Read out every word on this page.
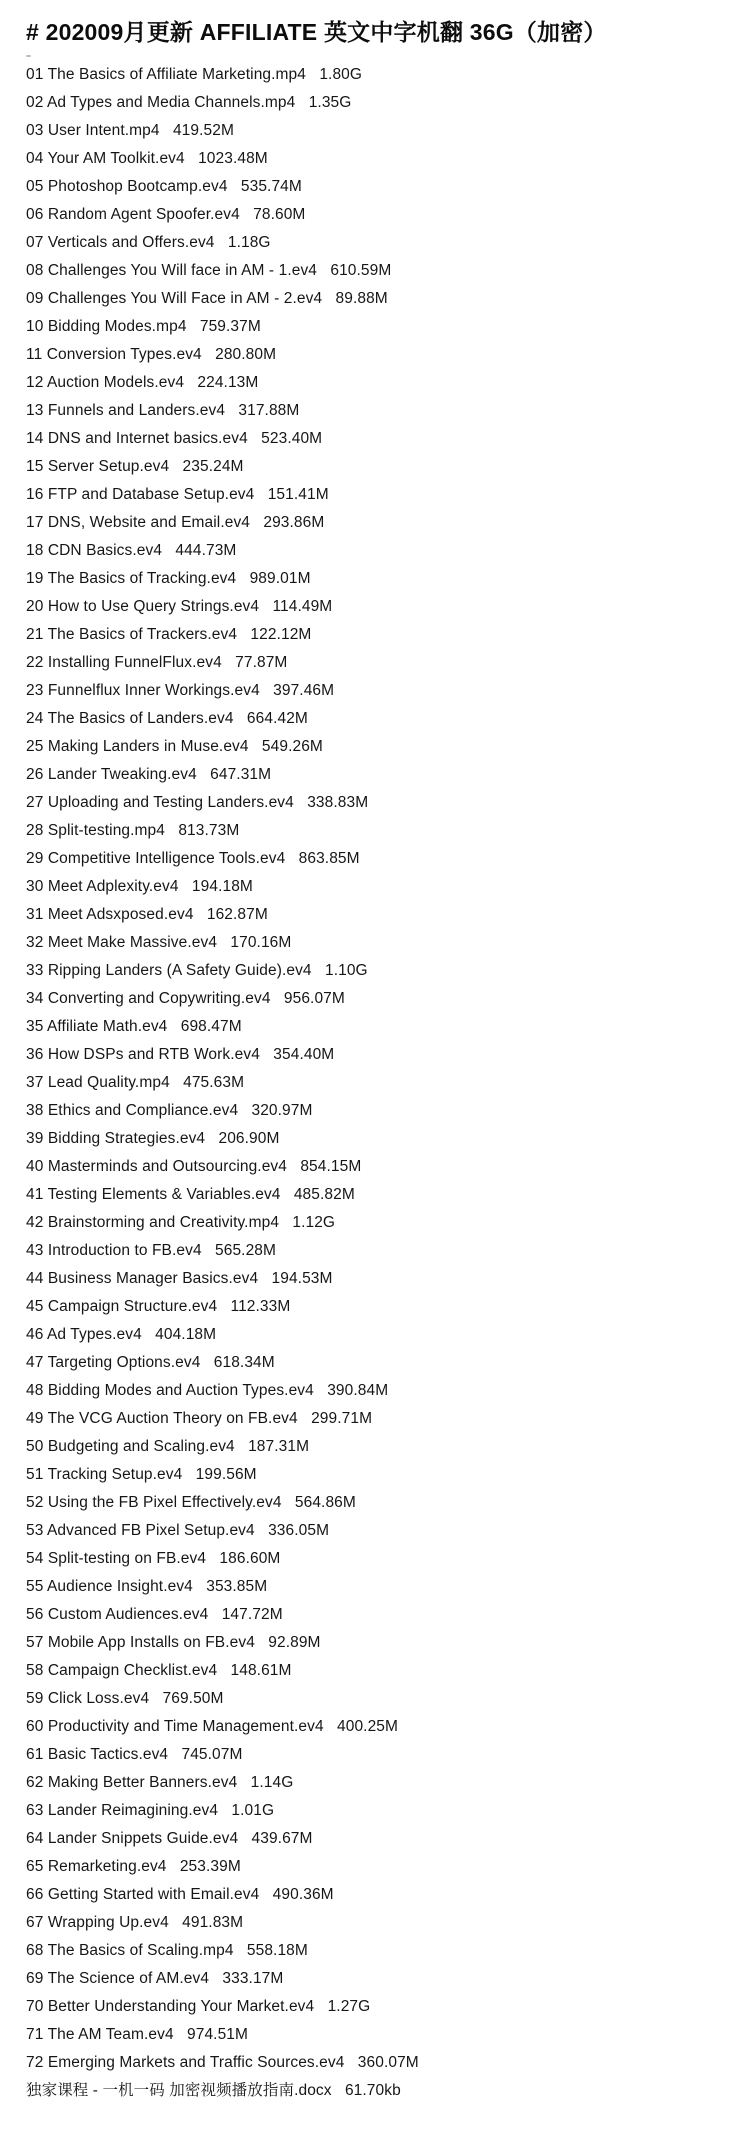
# 202009月更新 AFFILIATE 英文中字机翻 36G（加密）
01 The Basics of Affiliate Marketing.mp4 1.80G
02 Ad Types and Media Channels.mp4 1.35G
03 User Intent.mp4 419.52M
04 Your AM Toolkit.ev4 1023.48M
05 Photoshop Bootcamp.ev4 535.74M
06 Random Agent Spoofer.ev4 78.60M
07 Verticals and Offers.ev4 1.18G
08 Challenges You Will face in AM - 1.ev4 610.59M
09 Challenges You Will Face in AM - 2.ev4 89.88M
10 Bidding Modes.mp4 759.37M
11 Conversion Types.ev4 280.80M
12 Auction Models.ev4 224.13M
13 Funnels and Landers.ev4 317.88M
14 DNS and Internet basics.ev4 523.40M
15 Server Setup.ev4 235.24M
16 FTP and Database Setup.ev4 151.41M
17 DNS, Website and Email.ev4 293.86M
18 CDN Basics.ev4 444.73M
19 The Basics of Tracking.ev4 989.01M
20 How to Use Query Strings.ev4 114.49M
21 The Basics of Trackers.ev4 122.12M
22 Installing FunnelFlux.ev4 77.87M
23 Funnelflux Inner Workings.ev4 397.46M
24 The Basics of Landers.ev4 664.42M
25 Making Landers in Muse.ev4 549.26M
26 Lander Tweaking.ev4 647.31M
27 Uploading and Testing Landers.ev4 338.83M
28 Split-testing.mp4 813.73M
29 Competitive Intelligence Tools.ev4 863.85M
30 Meet Adplexity.ev4 194.18M
31 Meet Adsxposed.ev4 162.87M
32 Meet Make Massive.ev4 170.16M
33 Ripping Landers (A Safety Guide).ev4 1.10G
34 Converting and Copywriting.ev4 956.07M
35 Affiliate Math.ev4 698.47M
36 How DSPs and RTB Work.ev4 354.40M
37 Lead Quality.mp4 475.63M
38 Ethics and Compliance.ev4 320.97M
39 Bidding Strategies.ev4 206.90M
40 Masterminds and Outsourcing.ev4 854.15M
41 Testing Elements & Variables.ev4 485.82M
42 Brainstorming and Creativity.mp4 1.12G
43 Introduction to FB.ev4 565.28M
44 Business Manager Basics.ev4 194.53M
45 Campaign Structure.ev4 112.33M
46 Ad Types.ev4 404.18M
47 Targeting Options.ev4 618.34M
48 Bidding Modes and Auction Types.ev4 390.84M
49 The VCG Auction Theory on FB.ev4 299.71M
50 Budgeting and Scaling.ev4 187.31M
51 Tracking Setup.ev4 199.56M
52 Using the FB Pixel Effectively.ev4 564.86M
53 Advanced FB Pixel Setup.ev4 336.05M
54 Split-testing on FB.ev4 186.60M
55 Audience Insight.ev4 353.85M
56 Custom Audiences.ev4 147.72M
57 Mobile App Installs on FB.ev4 92.89M
58 Campaign Checklist.ev4 148.61M
59 Click Loss.ev4 769.50M
60 Productivity and Time Management.ev4 400.25M
61 Basic Tactics.ev4 745.07M
62 Making Better Banners.ev4 1.14G
63 Lander Reimagining.ev4 1.01G
64 Lander Snippets Guide.ev4 439.67M
65 Remarketing.ev4 253.39M
66 Getting Started with Email.ev4 490.36M
67 Wrapping Up.ev4 491.83M
68 The Basics of Scaling.mp4 558.18M
69 The Science of AM.ev4 333.17M
70 Better Understanding Your Market.ev4 1.27G
71 The AM Team.ev4 974.51M
72 Emerging Markets and Traffic Sources.ev4 360.07M
独家课程 - 一机一码 加密视频播放指南.docx 61.70kb
